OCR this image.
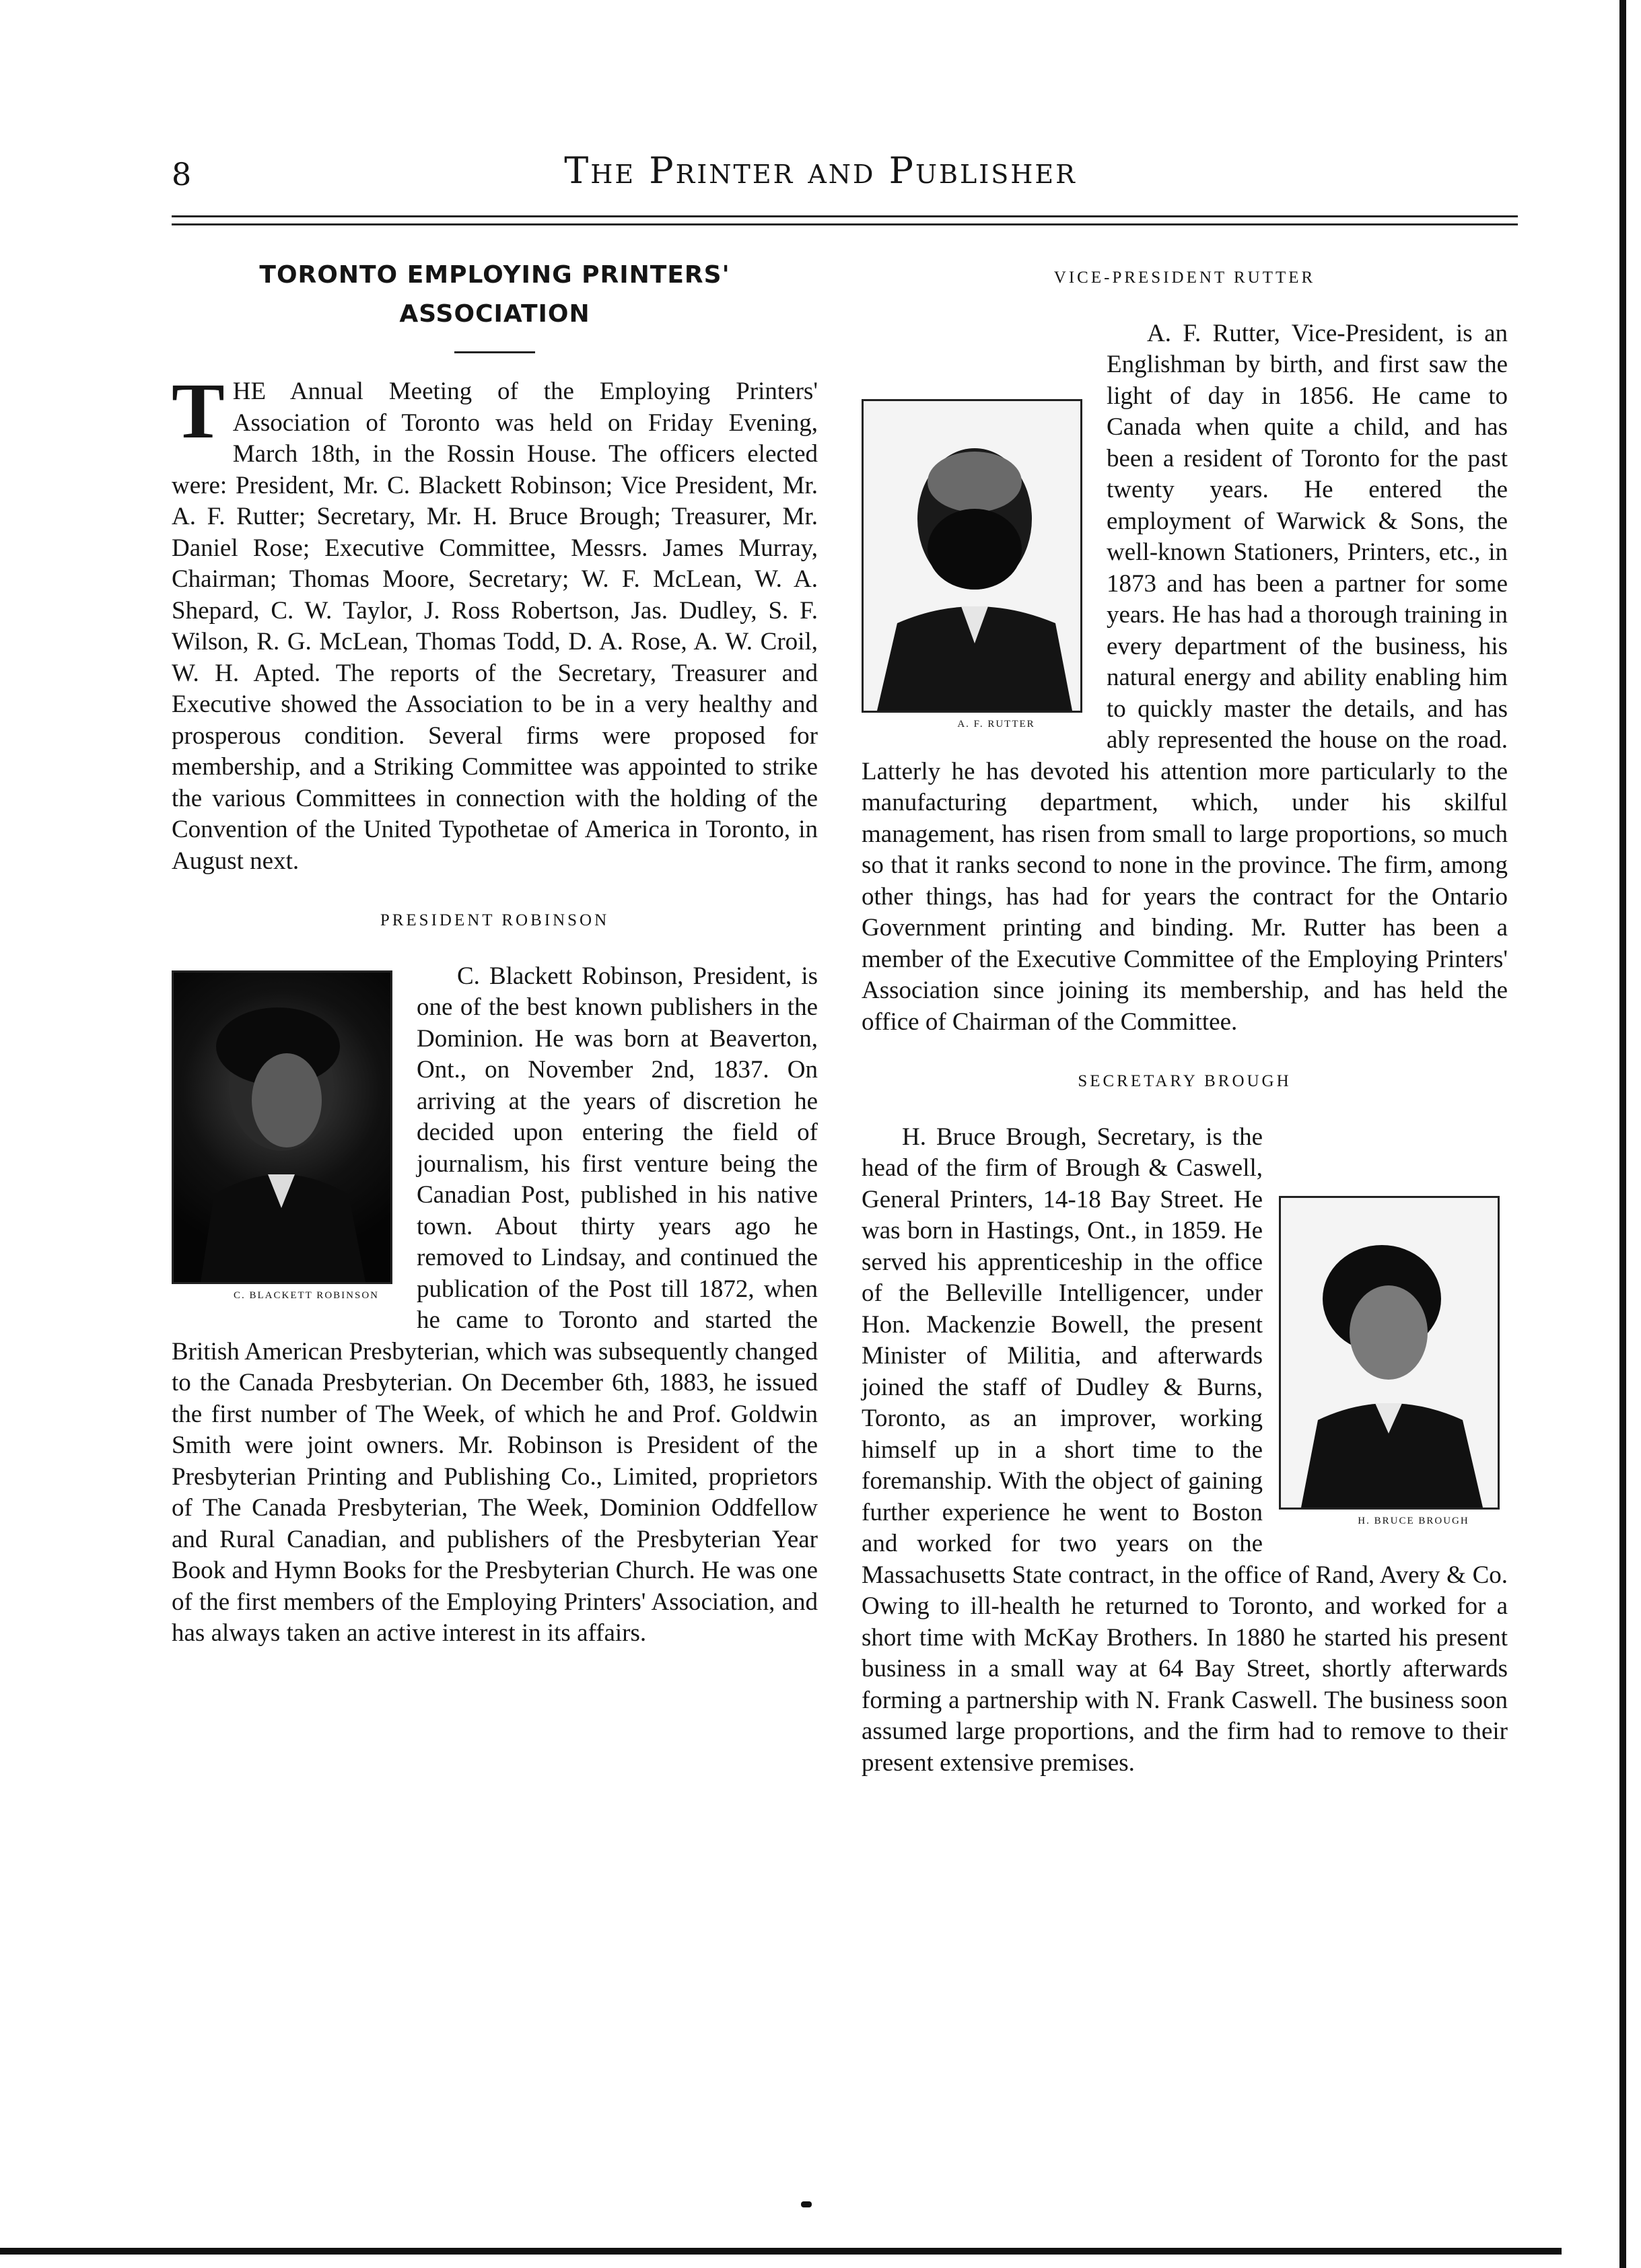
8	The Printer and Publisher
TORONTO EMPLOYING PRINTERS'
ASSOCIATION

T HE Annual Meeting of the Employing Printers' Association of Toronto was held on Friday Evening, March 18th, in the Rossin House. The officers elected were: President, Mr. C. Blackett Robinson; Vice President, Mr. A. F. Rutter; Secretary, Mr. H. Bruce Brough; Treasurer, Mr. Daniel Rose; Executive Committee, Messrs. James Murray, Chairman; Thomas Moore, Secretary; W. F. McLean, W. A. Shepard, C. W. Taylor, J. Ross Robertson, Jas. Dudley, S. F. Wilson, R. G. McLean, Thomas Todd, D. A. Rose, A. W. Croil, W. H. Apted. The reports of the Secretary, Treasurer and Executive showed the Association to be in a very healthy and prosperous condition. Several firms were proposed for membership, and a Striking Committee was appointed to strike the various Committees in connection with the holding of the Convention of the United Typothetae of America in Toronto, in August next.

PRESIDENT ROBINSON

C. BLACKETT ROBINSON
C. Blackett Robinson, President, is one of the best known publishers in the Dominion. He was born at Beaverton, Ont., on November 2nd, 1837. On arriving at the years of discretion he decided upon entering the field of journalism, his first venture being the Canadian Post, published in his native town. About thirty years ago he removed to Lindsay, and continued the publication of the Post till 1872, when he came to Toronto and started the British American Presbyterian, which was subsequently changed to the Canada Presbyterian. On December 6th, 1883, he issued the first number of The Week, of which he and Prof. Goldwin Smith were joint owners. Mr. Robinson is President of the Presbyterian Printing and Publishing Co., Limited, proprietors of The Canada Presbyterian, The Week, Dominion Oddfellow and Rural Canadian, and publishers of the Presbyterian Year Book and Hymn Books for the Presbyterian Church. He was one of the first members of the Employing Printers' Association, and has always taken an active interest in its affairs.

VICE-PRESIDENT RUTTER

A. F. RUTTER
A. F. Rutter, Vice-President, is an Englishman by birth, and first saw the light of day in 1856. He came to Canada when quite a child, and has been a resident of Toronto for the past twenty years. He entered the employment of Warwick & Sons, the well-known Stationers, Printers, etc., in 1873 and has been a partner for some years. He has had a thorough training in every department of the business, his natural energy and ability enabling him to quickly master the details, and has ably represented the house on the road. Latterly he has devoted his attention more particularly to the manufacturing department, which, under his skilful management, has risen from small to large proportions, so much so that it ranks second to none in the province. The firm, among other things, has had for years the contract for the Ontario Government printing and binding. Mr. Rutter has been a member of the Executive Committee of the Employing Printers' Association since joining its membership, and has held the office of Chairman of the Committee.

SECRETARY BROUGH

H. BRUCE BROUGH
H. Bruce Brough, Secretary, is the head of the firm of Brough & Caswell, General Printers, 14-18 Bay Street. He was born in Hastings, Ont., in 1859. He served his apprenticeship in the office of the Belleville Intelligencer, under Hon. Mackenzie Bowell, the present Minister of Militia, and afterwards joined the staff of Dudley & Burns, Toronto, as an improver, working himself up in a short time to the foremanship. With the object of gaining further experience he went to Boston and worked for two years on the Massachusetts State contract, in the office of Rand, Avery & Co. Owing to ill-health he returned to Toronto, and worked for a short time with McKay Brothers. In 1880 he started his present business in a small way at 64 Bay Street, shortly afterwards forming a partnership with N. Frank Caswell. The business soon assumed large proportions, and the firm had to remove to their present extensive premises.
